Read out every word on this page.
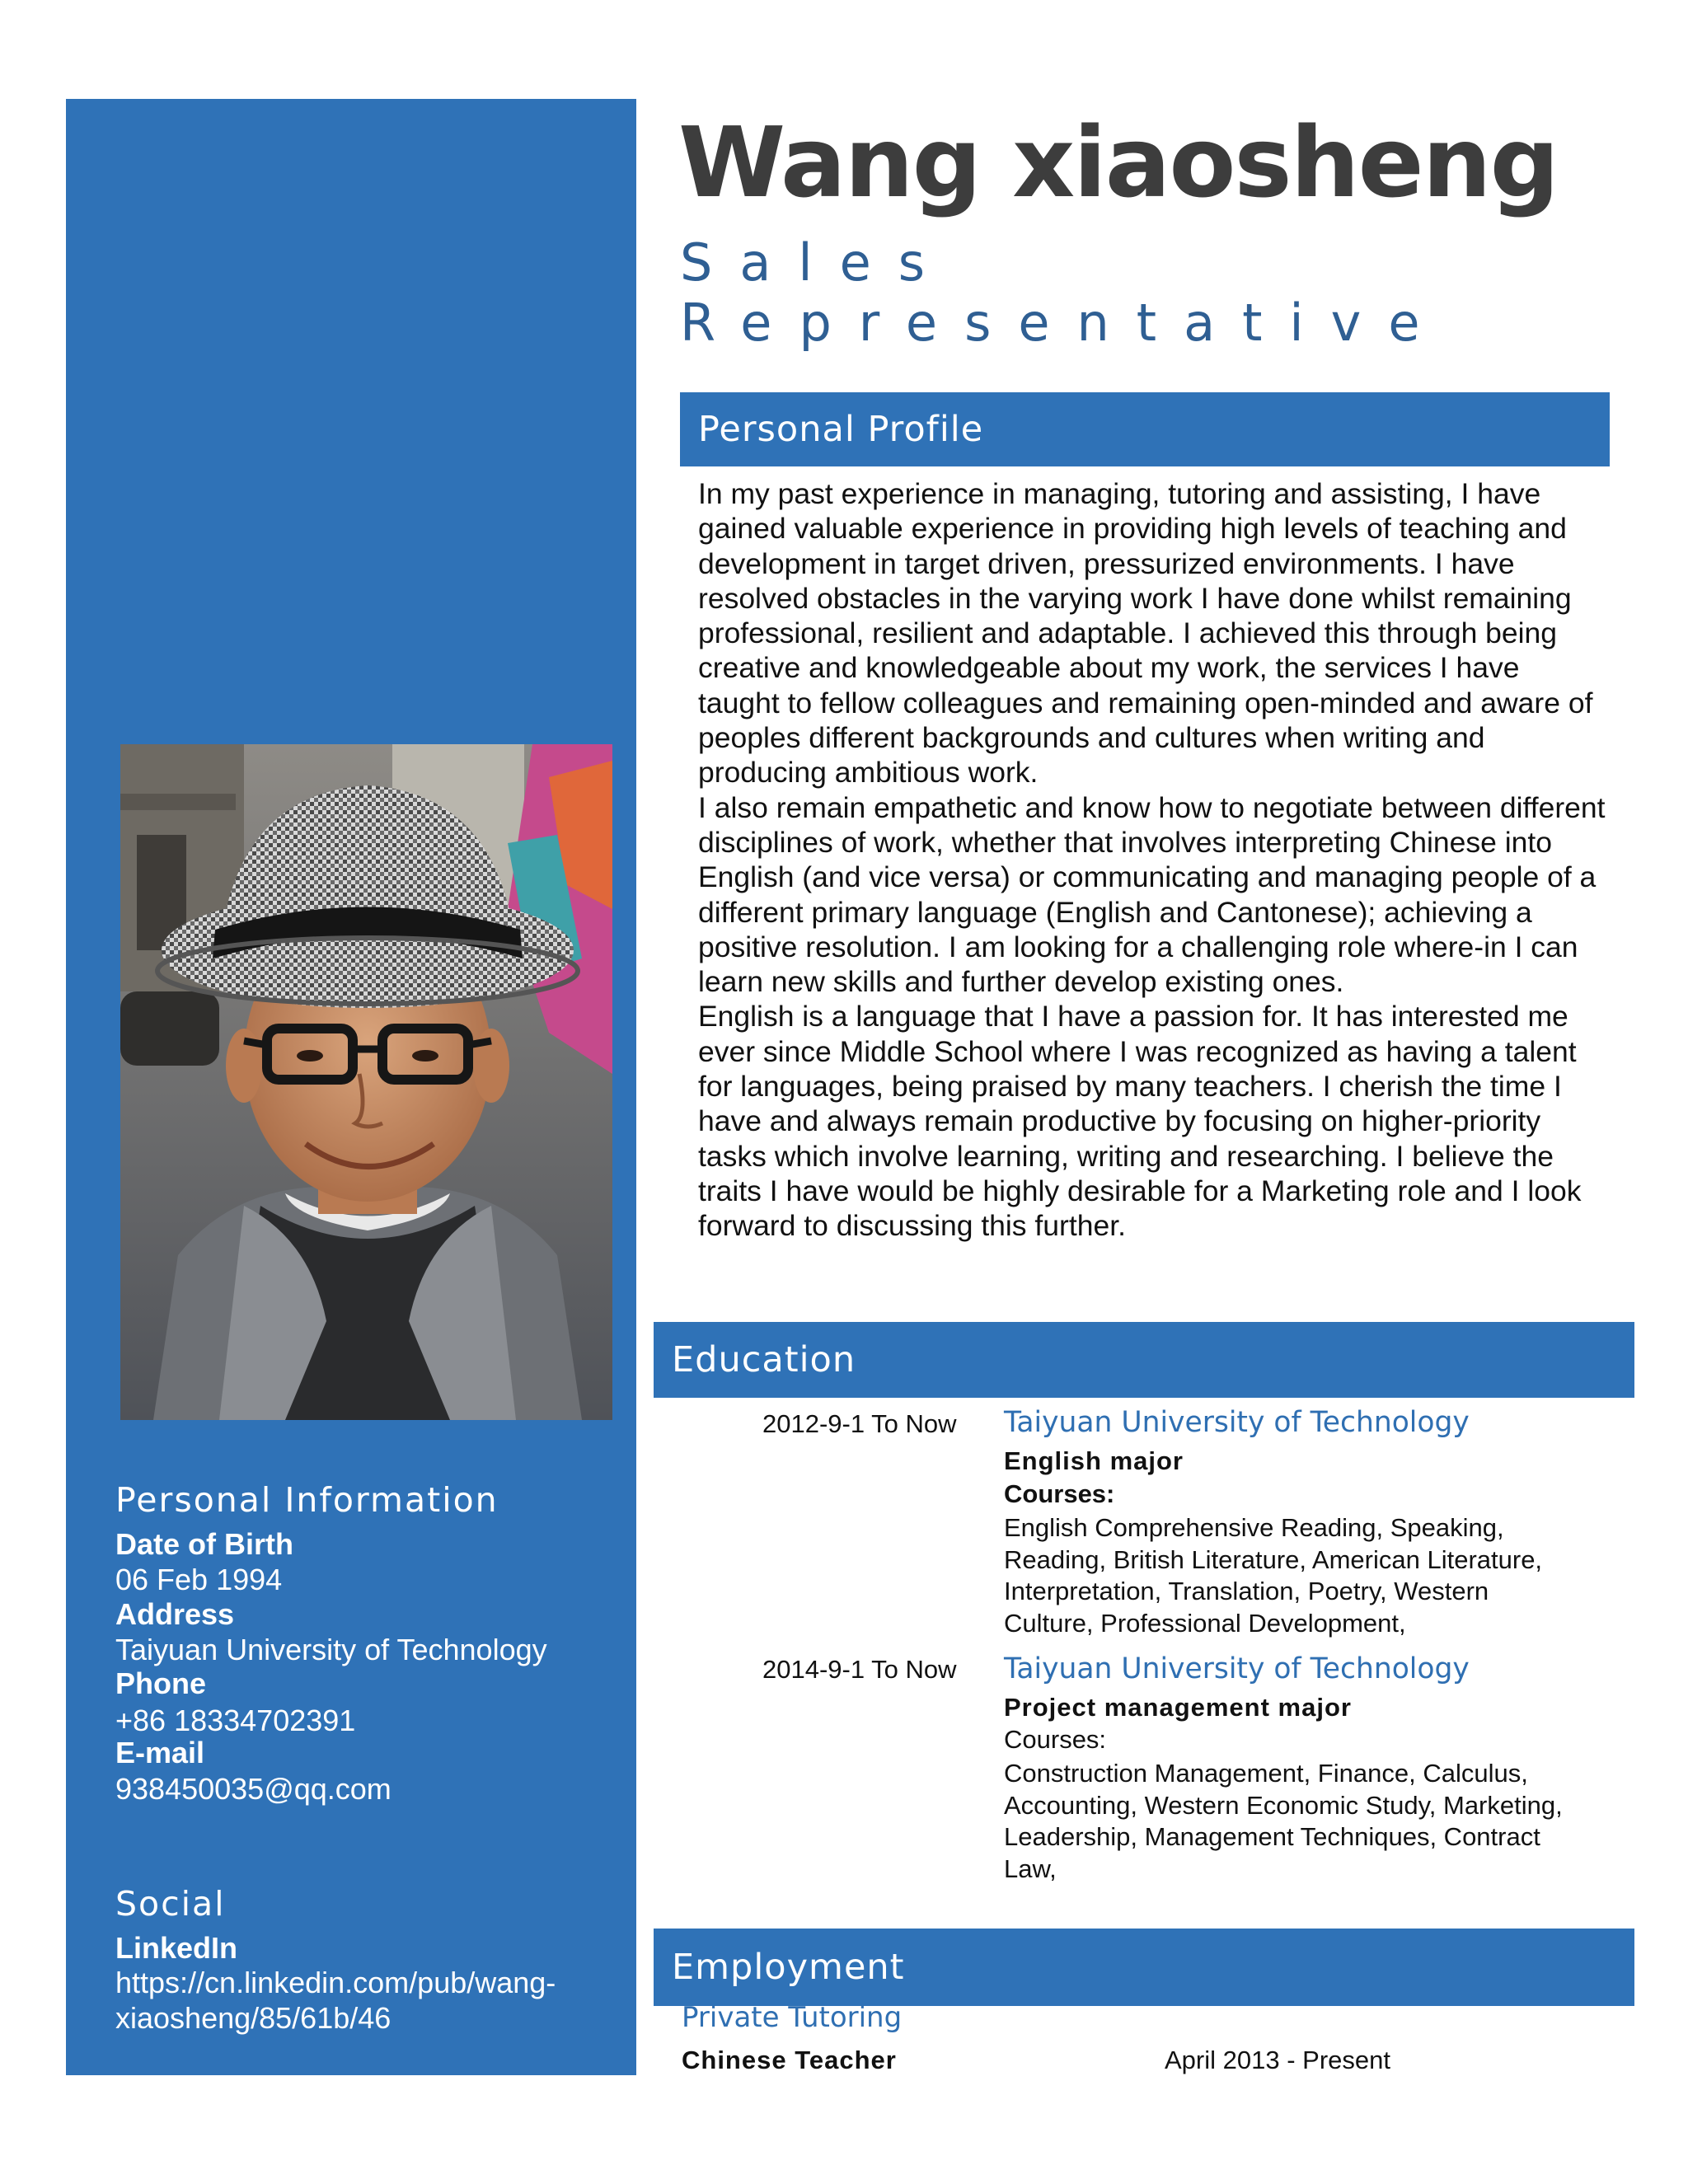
Personal Information
Date of Birth
06 Feb 1994
Address
Taiyuan University of Technology
Phone
+86 18334702391
E-mail
938450035@qq.com
Social
LinkedIn
https://cn.linkedin.com/pub/wang-
xiaosheng/85/61b/46
Wang xiaosheng
Sales
Representative
Personal Profile

In my past experience in managing, tutoring and assisting, I have gained valuable experience in providing high levels of teaching and development in target driven, pressurized environments. I have resolved obstacles in the varying work I have done whilst remaining professional, resilient and adaptable. I achieved this through being creative and knowledgeable about my work, the services I have taught to fellow colleagues and remaining open-minded and aware of peoples different backgrounds and cultures when writing and producing ambitious work.

I also remain empathetic and know how to negotiate between different disciplines of work, whether that involves interpreting Chinese into English (and vice versa) or communicating and managing people of a different primary language (English and Cantonese); achieving a positive resolution. I am looking for a challenging role where-in I can learn new skills and further develop existing ones.

English is a language that I have a passion for. It has interested me ever since Middle School where I was recognized as having a talent for languages, being praised by many teachers. I cherish the time I have and always remain productive by focusing on higher-priority tasks which involve learning, writing and researching. I believe the traits I have would be highly desirable for a Marketing role and I look forward to discussing this further.

Education
2012-9-1 To Now Taiyuan University of Technology
English major
Courses:

English Comprehensive Reading, Speaking, Reading, British Literature, American Literature, Interpretation, Translation, Poetry, Western Culture, Professional Development,

2014-9-1 To Now Taiyuan University of Technology
Project management major
Courses:

Construction Management, Finance, Calculus, Accounting, Western Economic Study, Marketing, Leadership, Management Techniques, Contract Law,

Employment
Private Tutoring
Chinese Teacher	April 2013 - Present
